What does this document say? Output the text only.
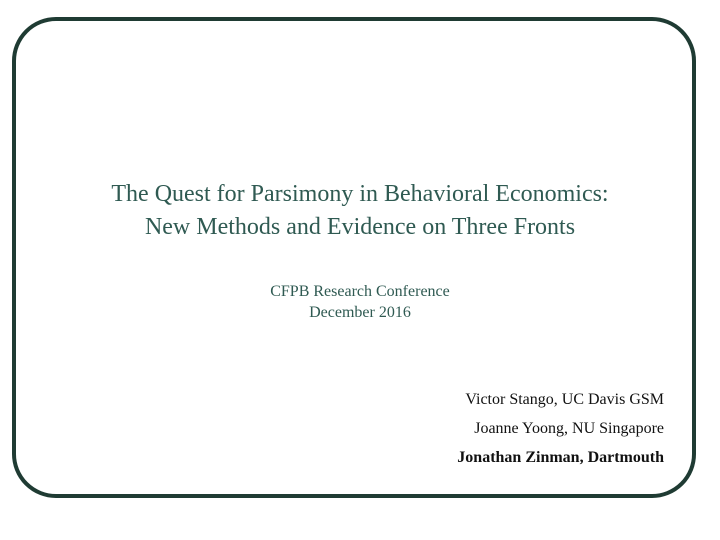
The Quest for Parsimony in Behavioral Economics:
New Methods and Evidence on Three Fronts
CFPB Research Conference
December 2016
Victor Stango, UC Davis GSM
Joanne Yoong, NU Singapore
Jonathan Zinman, Dartmouth
